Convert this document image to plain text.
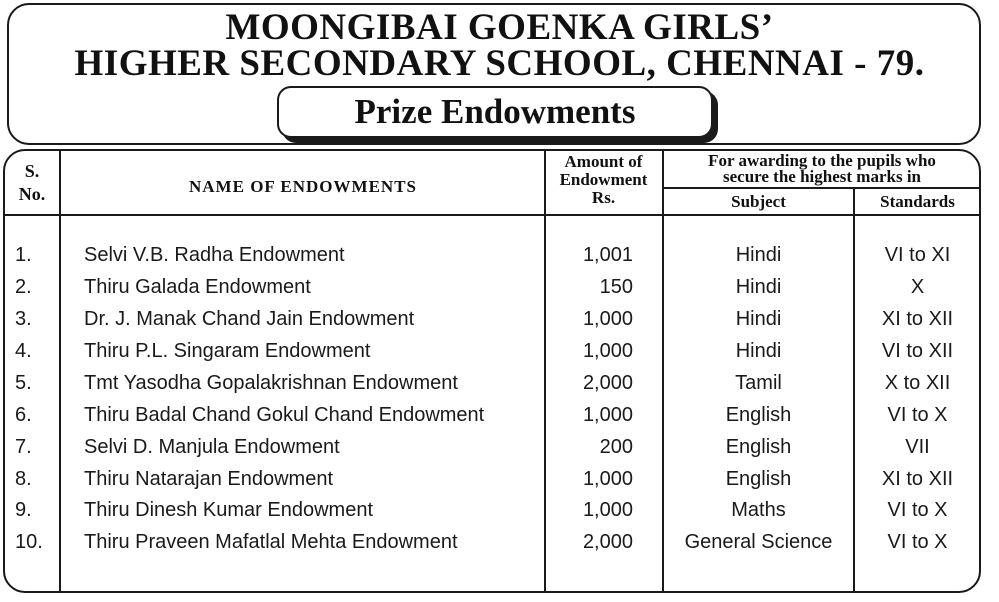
MOONGIBAI GOENKA GIRLS’
HIGHER SECONDARY SCHOOL, CHENNAI - 79.
Prize Endowments
S.
No.	NAME OF ENDOWMENTS
Amount of
Endowment
Rs.
For awarding to the pupils who
secure the highest marks in
Subject	Standards
1.	Selvi V.B. Radha Endowment	1,001	Hindi	VI to XI
2.	Thiru Galada Endowment	150	Hindi	X
3.	Dr. J. Manak Chand Jain Endowment	1,000	Hindi	XI to XII
4.	Thiru P.L. Singaram Endowment	1,000	Hindi	VI to XII
5.	Tmt Yasodha Gopalakrishnan Endowment	2,000	Tamil	X to XII
6.	Thiru Badal Chand Gokul Chand Endowment	1,000	English	VI to X
7.	Selvi D. Manjula Endowment	200	English	VII
8.	Thiru Natarajan Endowment	1,000	English	XI to XII
9.	Thiru Dinesh Kumar Endowment	1,000	Maths	VI to X
10. Thiru Praveen Mafatlal Mehta Endowment	2,000	General Science	VI to X
